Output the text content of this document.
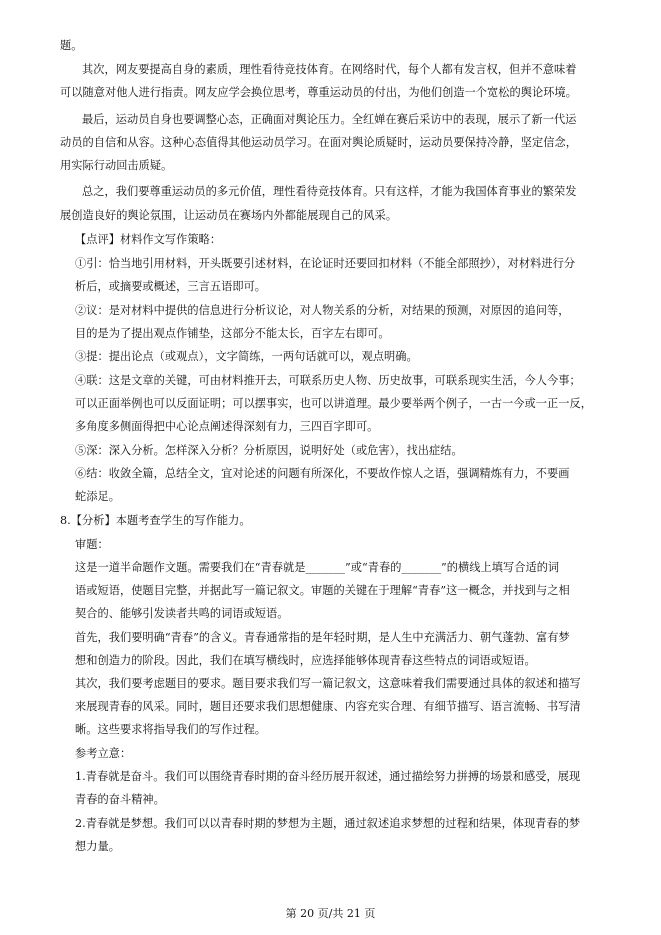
题。
其次，网友要提高自身的素质，理性看待竞技体育。在网络时代，每个人都有发言权，但并不意味着
可以随意对他人进行指责。网友应学会换位思考，尊重运动员的付出，为他们创造一个宽松的舆论环境。
最后，运动员自身也要调整心态，正确面对舆论压力。全红婵在赛后采访中的表现，展示了新一代运
动员的自信和从容。这种心态值得其他运动员学习。在面对舆论质疑时，运动员要保持冷静，坚定信念，
用实际行动回击质疑。
总之，我们要尊重运动员的多元价值，理性看待竞技体育。只有这样，才能为我国体育事业的繁荣发
展创造良好的舆论氛围，让运动员在赛场内外都能展现自己的风采。
【点评】材料作文写作策略：
①引：恰当地引用材料，开头既要引述材料，在论证时还要回扣材料（不能全部照抄），对材料进行分
析后，或摘要或概述，三言五语即可。
②议：是对材料中提供的信息进行分析议论，对人物关系的分析，对结果的预测，对原因的追问等，
目的是为了提出观点作铺垫，这部分不能太长，百字左右即可。
③提：提出论点（或观点），文字简练，一两句话就可以，观点明确。
④联：这是文章的关键，可由材料推开去，可联系历史人物、历史故事，可联系现实生活，今人今事；
可以正面举例也可以反面证明；可以摆事实，也可以讲道理。最少要举两个例子，一古一今或一正一反，
多角度多侧面得把中心论点阐述得深刻有力，三四百字即可。
⑤深：深入分析。怎样深入分析？分析原因，说明好处（或危害），找出症结。
⑥结：收敛全篇，总结全文，宜对论述的问题有所深化，不要故作惊人之语，强调精炼有力，不要画
蛇添足。
8.【分析】本题考查学生的写作能力。
审题：
这是一道半命题作文题。需要我们在“青春就是_______”或“青春的_______”的横线上填写合适的词
语或短语，使题目完整，并据此写一篇记叙文。审题的关键在于理解“青春”这一概念，并找到与之相
契合的、能够引发读者共鸣的词语或短语。
首先，我们要明确“青春”的含义。青春通常指的是年轻时期，是人生中充满活力、朝气蓬勃、富有梦
想和创造力的阶段。因此，我们在填写横线时，应选择能够体现青春这些特点的词语或短语。
其次，我们要考虑题目的要求。题目要求我们写一篇记叙文，这意味着我们需要通过具体的叙述和描写
来展现青春的风采。同时，题目还要求我们思想健康、内容充实合理、有细节描写、语言流畅、书写清
晰。这些要求将指导我们的写作过程。
参考立意：
1.青春就是奋斗。我们可以围绕青春时期的奋斗经历展开叙述，通过描绘努力拼搏的场景和感受，展现
青春的奋斗精神。
2.青春就是梦想。我们可以以青春时期的梦想为主题，通过叙述追求梦想的过程和结果，体现青春的梦
想力量。
第 20 页/共 21 页
